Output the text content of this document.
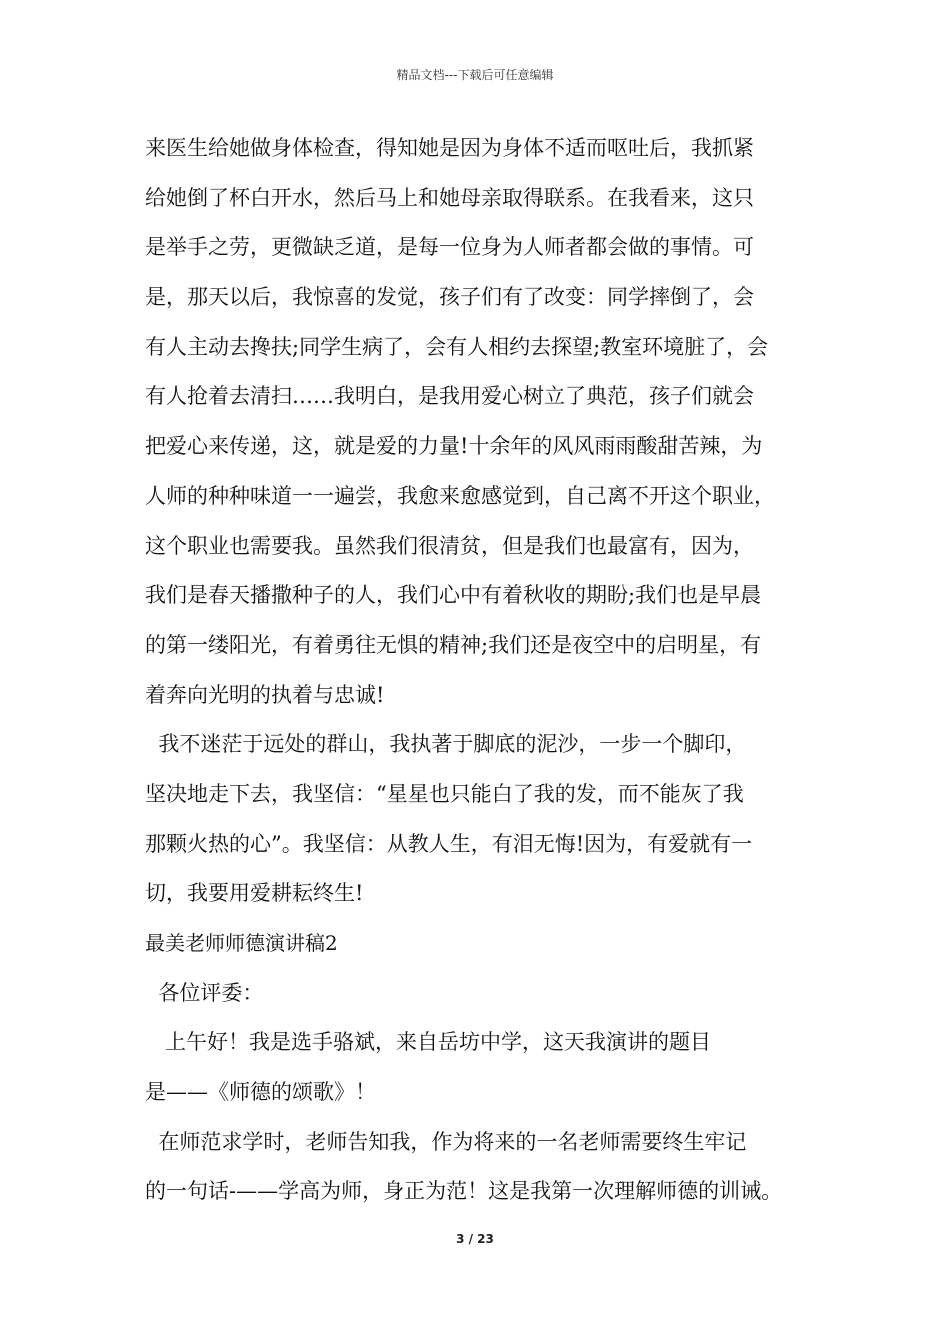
精品文档---下载后可任意编辑
来医生给她做身体检查，得知她是因为身体不适而呕吐后，我抓紧
给她倒了杯白开水，然后马上和她母亲取得联系。在我看来，这只
是举手之劳，更微缺乏道，是每一位身为人师者都会做的事情。可
是，那天以后，我惊喜的发觉，孩子们有了改变：同学摔倒了，会
有人主动去搀扶;同学生病了，会有人相约去探望;教室环境脏了，会
有人抢着去清扫……我明白，是我用爱心树立了典范，孩子们就会
把爱心来传递，这，就是爱的力量!十余年的风风雨雨酸甜苦辣，为
人师的种种味道一一遍尝，我愈来愈感觉到，自己离不开这个职业，
这个职业也需要我。虽然我们很清贫，但是我们也最富有，因为，
我们是春天播撒种子的人，我们心中有着秋收的期盼;我们也是早晨
的第一缕阳光，有着勇往无惧的精神;我们还是夜空中的启明星，有
着奔向光明的执着与忠诚!
我不迷茫于远处的群山，我执著于脚底的泥沙，一步一个脚印，
坚决地走下去，我坚信：“星星也只能白了我的发，而不能灰了我
那颗火热的心”。我坚信：从教人生，有泪无悔!因为，有爱就有一
切，我要用爱耕耘终生!
最美老师师德演讲稿2
各位评委：
上午好！我是选手骆斌，来自岳坊中学，这天我演讲的题目
是——《师德的颂歌》！
在师范求学时，老师告知我，作为将来的一名老师需要终生牢记
的一句话-——学高为师，身正为范！这是我第一次理解师德的训诫。
3 / 23
